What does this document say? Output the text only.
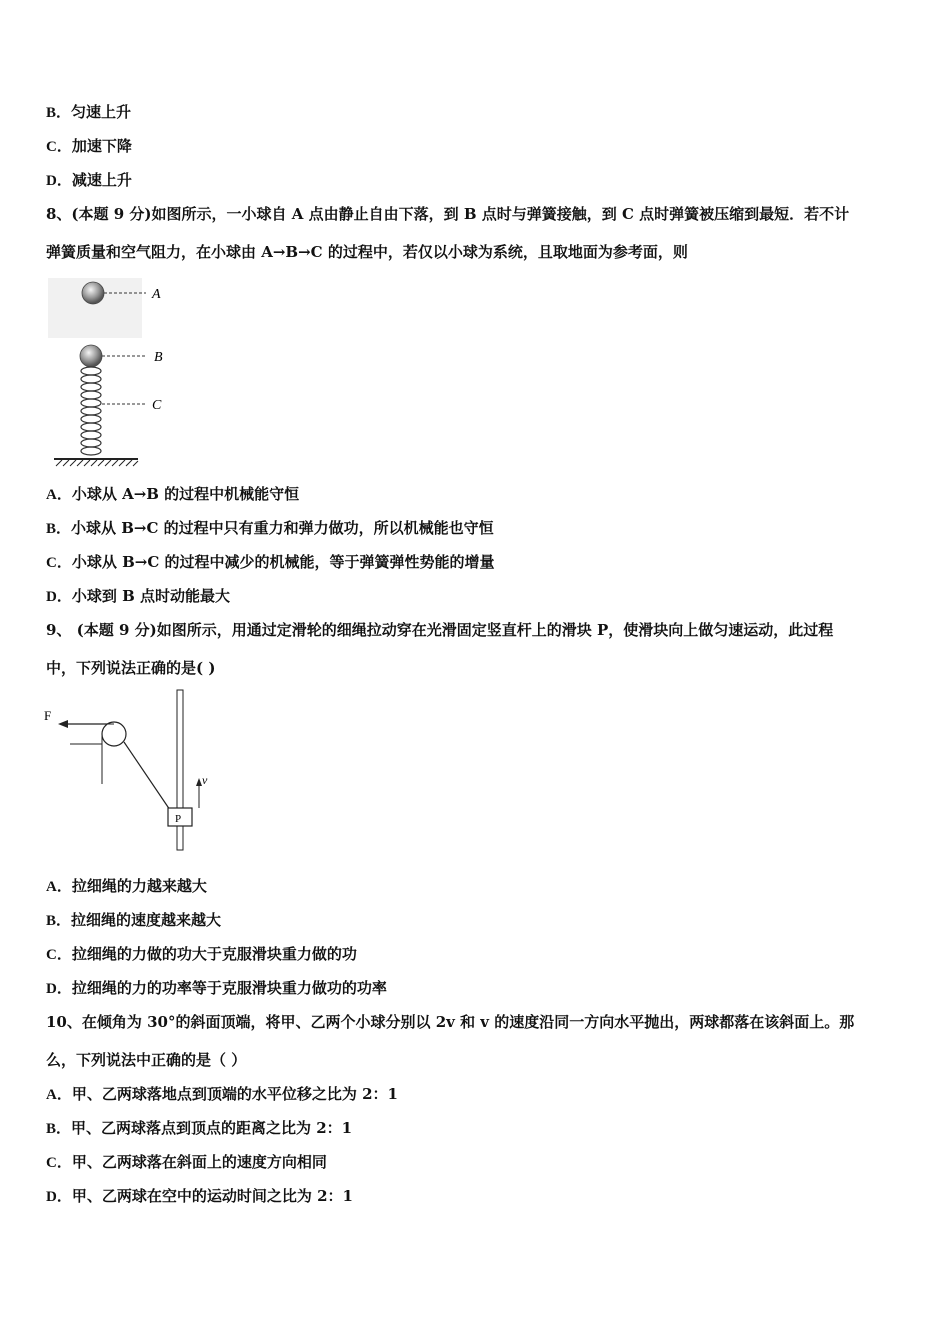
B．匀速上升
C．加速下降
D．减速上升
8、(本题 9 分)如图所示，一小球自 A 点由静止自由下落，到 B 点时与弹簧接触，到 C 点时弹簧被压缩到最短．若不计
弹簧质量和空气阻力，在小球由 A→B→C 的过程中，若仅以小球为系统，且取地面为参考面，则
A
B
C
A．小球从 A→B 的过程中机械能守恒
B．小球从 B→C 的过程中只有重力和弹力做功，所以机械能也守恒
C．小球从 B→C 的过程中减少的机械能，等于弹簧弹性势能的增量
D．小球到 B 点时动能最大
9、 (本题 9 分)如图所示，用通过定滑轮的细绳拉动穿在光滑固定竖直杆上的滑块 P，使滑块向上做匀速运动，此过程
中，下列说法正确的是( )
F
P
v
A．拉细绳的力越来越大
B．拉细绳的速度越来越大
C．拉细绳的力做的功大于克服滑块重力做的功
D．拉细绳的力的功率等于克服滑块重力做功的功率
10、在倾角为 30°的斜面顶端，将甲、乙两个小球分别以 2v 和 v 的速度沿同一方向水平抛出，两球都落在该斜面上。那
么，下列说法中正确的是（ ）
A．甲、乙两球落地点到顶端的水平位移之比为 2：1
B．甲、乙两球落点到顶点的距离之比为 2：1
C．甲、乙两球落在斜面上的速度方向相同
D．甲、乙两球在空中的运动时间之比为 2：1
